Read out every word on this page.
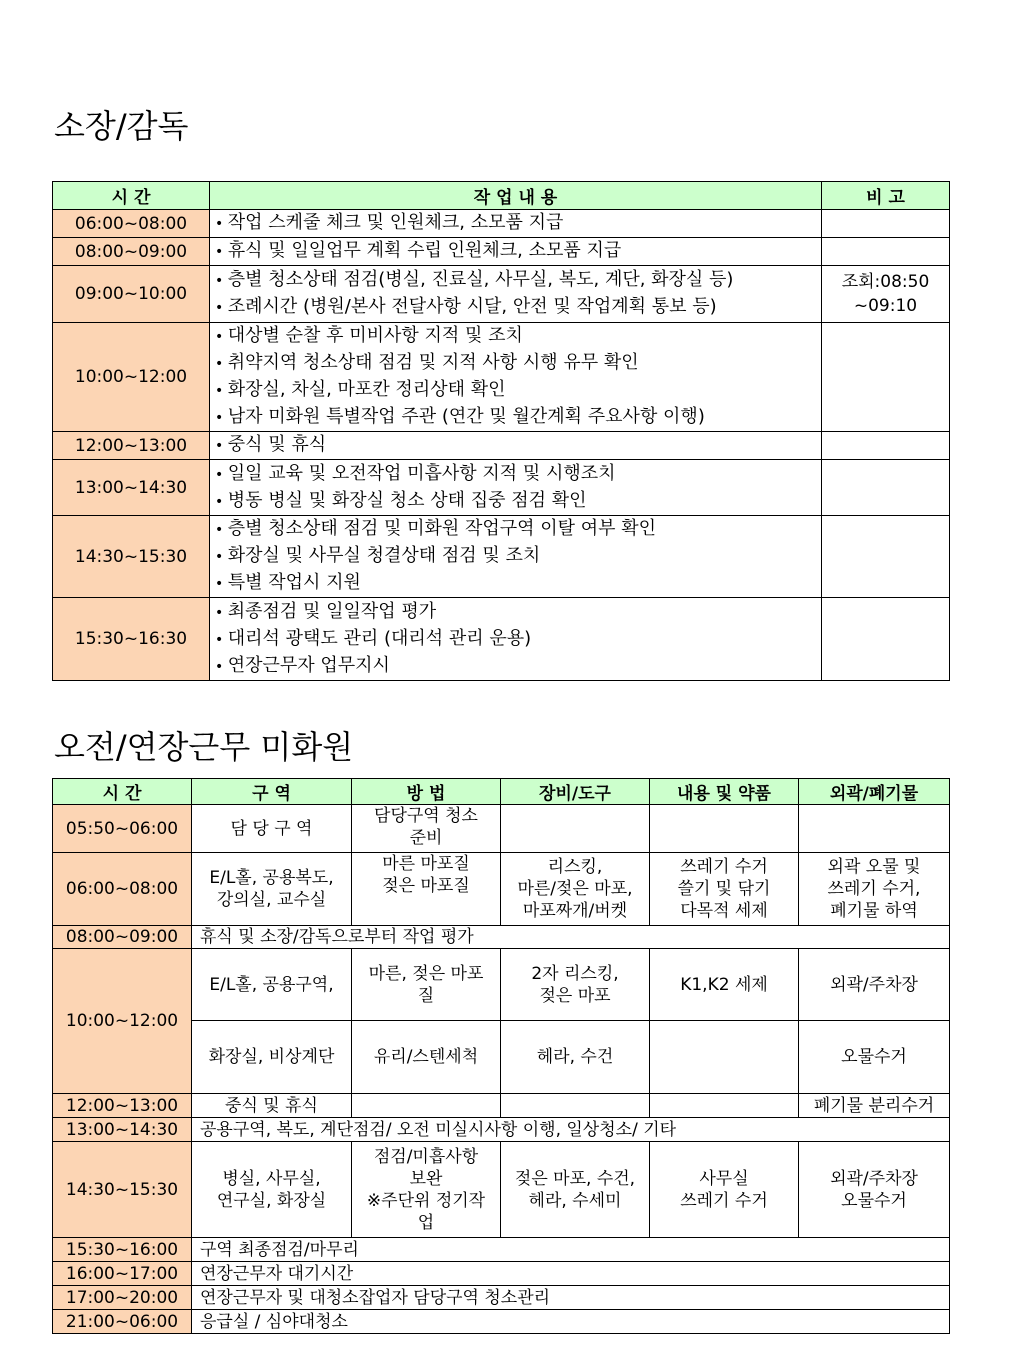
소장/감독
시 간	작 업 내 용	비 고
06:00~08:00	• 작업 스케줄 체크 및 인원체크, 소모품 지급

08:00~09:00	• 휴식 및 일일업무 계획 수립 인원체크, 소모품 지급

09:00~10:00	• 층별 청소상태 점검(병실, 진료실, 사무실, 복도, 계단, 화장실 등)
• 조례시간 (병원/본사 전달사항 시달, 안전 및 작업계획 통보 등)	조회:08:50
~09:10

10:00~12:00	• 대상별 순찰 후 미비사항 지적 및 조치
• 취약지역 청소상태 점검 및 지적 사항 시행 유무 확인
• 화장실, 차실, 마포칸 정리상태 확인
• 남자 미화원 특별작업 주관 (연간 및 월간계획 주요사항 이행)

12:00~13:00	• 중식 및 휴식

13:00~14:30	• 일일 교육 및 오전작업 미흡사항 지적 및 시행조치
• 병동 병실 및 화장실 청소 상태 집중 점검 확인

14:30~15:30	• 층별 청소상태 점검 및 미화원 작업구역 이탈 여부 확인
• 화장실 및 사무실 청결상태 점검 및 조치
• 특별 작업시 지원

15:30~16:30	• 최종점검 및 일일작업 평가
• 대리석 광택도 관리 (대리석 관리 운용)
• 연장근무자 업무지시

오전/연장근무 미화원
시 간	구 역	방 법	장비/도구	내용 및 약품	외곽/폐기물
05:50~06:00	담 당 구 역	담당구역 청소
준비			

06:00~08:00	E/L홀, 공용복도,
강의실, 교수실	마른 마포질
젖은 마포질	리스킹,
마른/젖은 마포,
마포짜개/버켓	쓰레기 수거
쓸기 및 닦기
다목적 세제	외곽 오물 및
쓰레기 수거,
폐기물 하역

08:00~09:00	휴식 및 소장/감독으로부터 작업 평가				
10:00~12:00	E/L홀, 공용구역,	마른, 젖은 마포
질	2자 리스킹,
젖은 마포	K1,K2 세제	외곽/주차장
	화장실, 비상계단	유리/스텐세척	헤라, 수건		오물수거
12:00~13:00	중식 및 휴식				폐기물 분리수거
13:00~14:30	공용구역, 복도, 계단점검/ 오전 미실시사항 이행, 일상청소/ 기타				
14:30~15:30	병실, 사무실,
연구실, 화장실	점검/미흡사항
보완
※주단위 정기작
업	젖은 마포, 수건,
헤라, 수세미	사무실
쓰레기 수거	외곽/주차장
오물수거

15:30~16:00	구역 최종점검/마무리				
16:00~17:00	연장근무자 대기시간				
17:00~20:00	연장근무자 및 대청소잡업자 담당구역 청소관리				
21:00~06:00	응급실 / 심야대청소				
